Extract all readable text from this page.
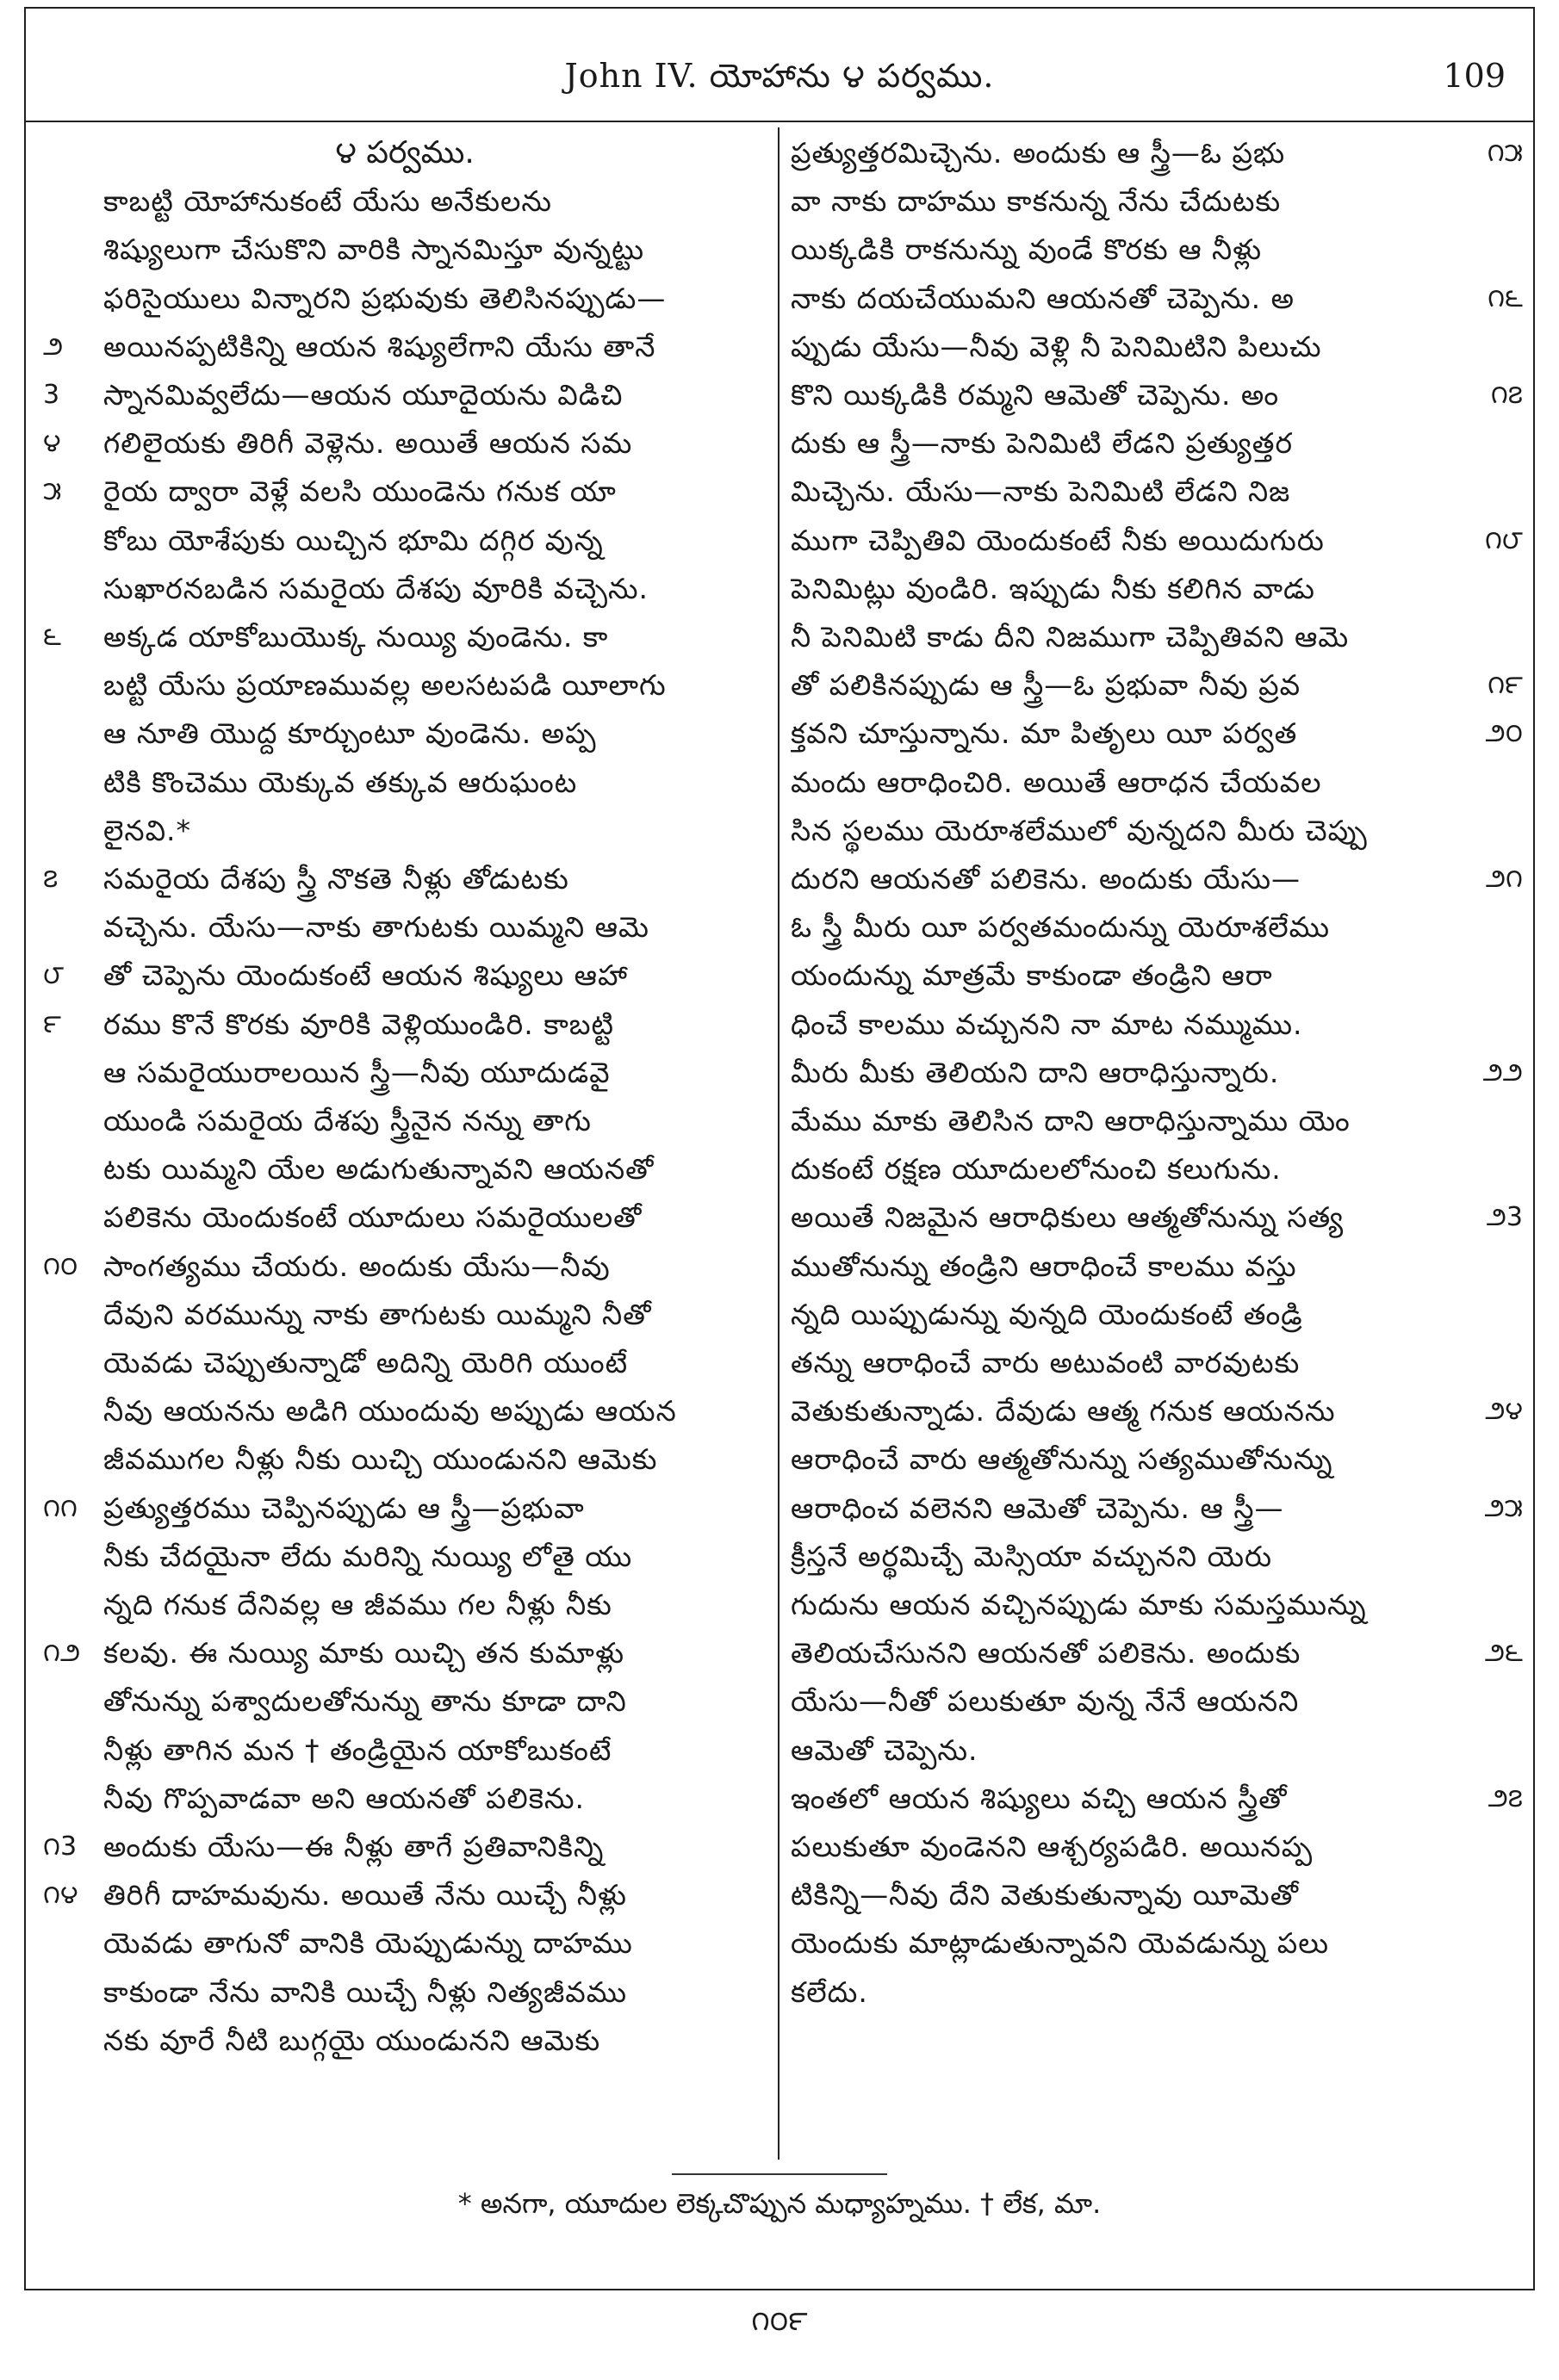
John IV. యోహాను ౪ పర్వము.	109
౪ పర్వము.
కాబట్టి యోహానుకంటే యేసు అనేకులను
శిష్యులుగా చేసుకొని వారికి స్నానమిస్తూ వున్నట్టు
ఫరిసైయులు విన్నారని ప్రభువుకు తెలిసినప్పుడు—
అయినప్పటికిన్ని ఆయన శిష్యులేగాని యేసు తానే
౨
స్నానమివ్వలేదు—ఆయన యూదైయను విడిచి
3
గలిలైయకు తిరిగీ వెళ్లెను. అయితే ఆయన సమ
౪
రైయ ద్వారా వెళ్లే వలసి యుండెను గనుక యా
౫
కోబు యోశేపుకు యిచ్చిన భూమి దగ్గిర వున్న
సుఖారనబడిన సమరైయ దేశపు వూరికి వచ్చెను.
అక్కడ యాకోబుయొక్క నుయ్యి వుండెను. కా
౬
బట్టి యేసు ప్రయాణమువల్ల అలసటపడి యీలాగు
ఆ నూతి యొద్ద కూర్చుంటూ వుండెను. అప్ప
టికి కొంచెము యెక్కువ తక్కువ ఆరుఘంట
లైనవి.*
సమరైయ దేశపు స్త్రీ నొకతె నీళ్లు తోడుటకు
౭
వచ్చెను. యేసు—నాకు తాగుటకు యిమ్మని ఆమె
తో చెప్పెను యెందుకంటే ఆయన శిష్యులు ఆహా
౮
రము కొనే కొరకు వూరికి వెళ్లియుండిరి. కాబట్టి
౯
ఆ సమరైయురాలయిన స్త్రీ—నీవు యూదుడవై
యుండి సమరైయ దేశపు స్త్రీనైన నన్ను తాగు
టకు యిమ్మని యేల అడుగుతున్నావని ఆయనతో
పలికెను యెందుకంటే యూదులు సమరైయులతో
సాంగత్యము చేయరు. అందుకు యేసు—నీవు
౧౦
దేవుని వరమున్ను నాకు తాగుటకు యిమ్మని నీతో
యెవడు చెప్పుతున్నాడో అదిన్ని యెరిగి యుంటే
నీవు ఆయనను అడిగి యుందువు అప్పుడు ఆయన
జీవముగల నీళ్లు నీకు యిచ్చి యుండునని ఆమెకు
ప్రత్యుత్తరము చెప్పినప్పుడు ఆ స్త్రీ—ప్రభువా
౧౧
నీకు చేదయైనా లేదు మరిన్ని నుయ్యి లోతై యు
న్నది గనుక దేనివల్ల ఆ జీవము గల నీళ్లు నీకు
కలవు. ఈ నుయ్యి మాకు యిచ్చి తన కుమాళ్లు
౧౨
తోనున్ను పశ్వాదులతోనున్ను తాను కూడా దాని
నీళ్లు తాగిన మన † తండ్రియైన యాకోబుకంటే
నీవు గొప్పవాడవా అని ఆయనతో పలికెను.
అందుకు యేసు—ఈ నీళ్లు తాగే ప్రతివానికిన్ని
౧3
తిరిగీ దాహమవును. అయితే నేను యిచ్చే నీళ్లు
౧౪
యెవడు తాగునో వానికి యెప్పుడున్ను దాహము
కాకుండా నేను వానికి యిచ్చే నీళ్లు నిత్యజీవము
నకు వూరే నీటి బుగ్గయై యుండునని ఆమెకు
ప్రత్యుత్తరమిచ్చెను. అందుకు ఆ స్త్రీ—ఓ ప్రభు	౧౫
వా నాకు దాహము కాకనున్న నేను చేదుటకు
యిక్కడికి రాకనున్ను వుండే కొరకు ఆ నీళ్లు
నాకు దయచేయుమని ఆయనతో చెప్పెను. అ	౧౬
ప్పుడు యేసు—నీవు వెళ్లి నీ పెనిమిటిని పిలుచు
కొని యిక్కడికి రమ్మని ఆమెతో చెప్పెను. అం	౧౭
దుకు ఆ స్త్రీ—నాకు పెనిమిటి లేడని ప్రత్యుత్తర
మిచ్చెను. యేసు—నాకు పెనిమిటి లేడని నిజ
ముగా చెప్పితివి యెందుకంటే నీకు అయిదుగురు	౧౮
పెనిమిట్లు వుండిరి. ఇప్పుడు నీకు కలిగిన వాడు
నీ పెనిమిటి కాడు దీని నిజముగా చెప్పితివని ఆమె
తో పలికినప్పుడు ఆ స్త్రీ—ఓ ప్రభువా నీవు ప్రవ	౧౯
క్తవని చూస్తున్నాను. మా పితృలు యీ పర్వత	౨౦
మందు ఆరాధించిరి. అయితే ఆరాధన చేయవల
సిన స్థలము యెరూశలేములో వున్నదని మీరు చెప్పు
దురని ఆయనతో పలికెను. అందుకు యేసు—	౨౧
ఓ స్త్రీ మీరు యీ పర్వతమందున్ను యెరూశలేము
యందున్ను మాత్రమే కాకుండా తండ్రిని ఆరా
ధించే కాలము వచ్చునని నా మాట నమ్ముము.
మీరు మీకు తెలియని దాని ఆరాధిస్తున్నారు.	౨౨
మేము మాకు తెలిసిన దాని ఆరాధిస్తున్నాము యెం
దుకంటే రక్షణ యూదులలోనుంచి కలుగును.
అయితే నిజమైన ఆరాధికులు ఆత్మతోనున్ను సత్య	౨3
ముతోనున్ను తండ్రిని ఆరాధించే కాలము వస్తు
న్నది యిప్పుడున్ను వున్నది యెందుకంటే తండ్రి
తన్ను ఆరాధించే వారు అటువంటి వారవుటకు
వెతుకుతున్నాడు. దేవుడు ఆత్మ గనుక ఆయనను	౨౪
ఆరాధించే వారు ఆత్మతోనున్ను సత్యముతోనున్ను
ఆరాధించ వలెనని ఆమెతో చెప్పెను. ఆ స్త్రీ—	౨౫
క్రీస్తనే అర్థమిచ్చే మెస్సియా వచ్చునని యెరు
గుదును ఆయన వచ్చినప్పుడు మాకు సమస్తమున్ను
తెలియచేసునని ఆయనతో పలికెను. అందుకు	౨౬
యేసు—నీతో పలుకుతూ వున్న నేనే ఆయనని
ఆమెతో చెప్పెను.
ఇంతలో ఆయన శిష్యులు వచ్చి ఆయన స్త్రీతో	౨౭
పలుకుతూ వుండెనని ఆశ్చర్యపడిరి. అయినప్ప
టికిన్ని—నీవు దేని వెతుకుతున్నావు యీమెతో
యెందుకు మాట్లాడుతున్నావని యెవడున్ను పలు
కలేదు.
* అనగా, యూదుల లెక్కచొప్పున మధ్యాహ్నము. † లేక, మా.
౧౦౯
